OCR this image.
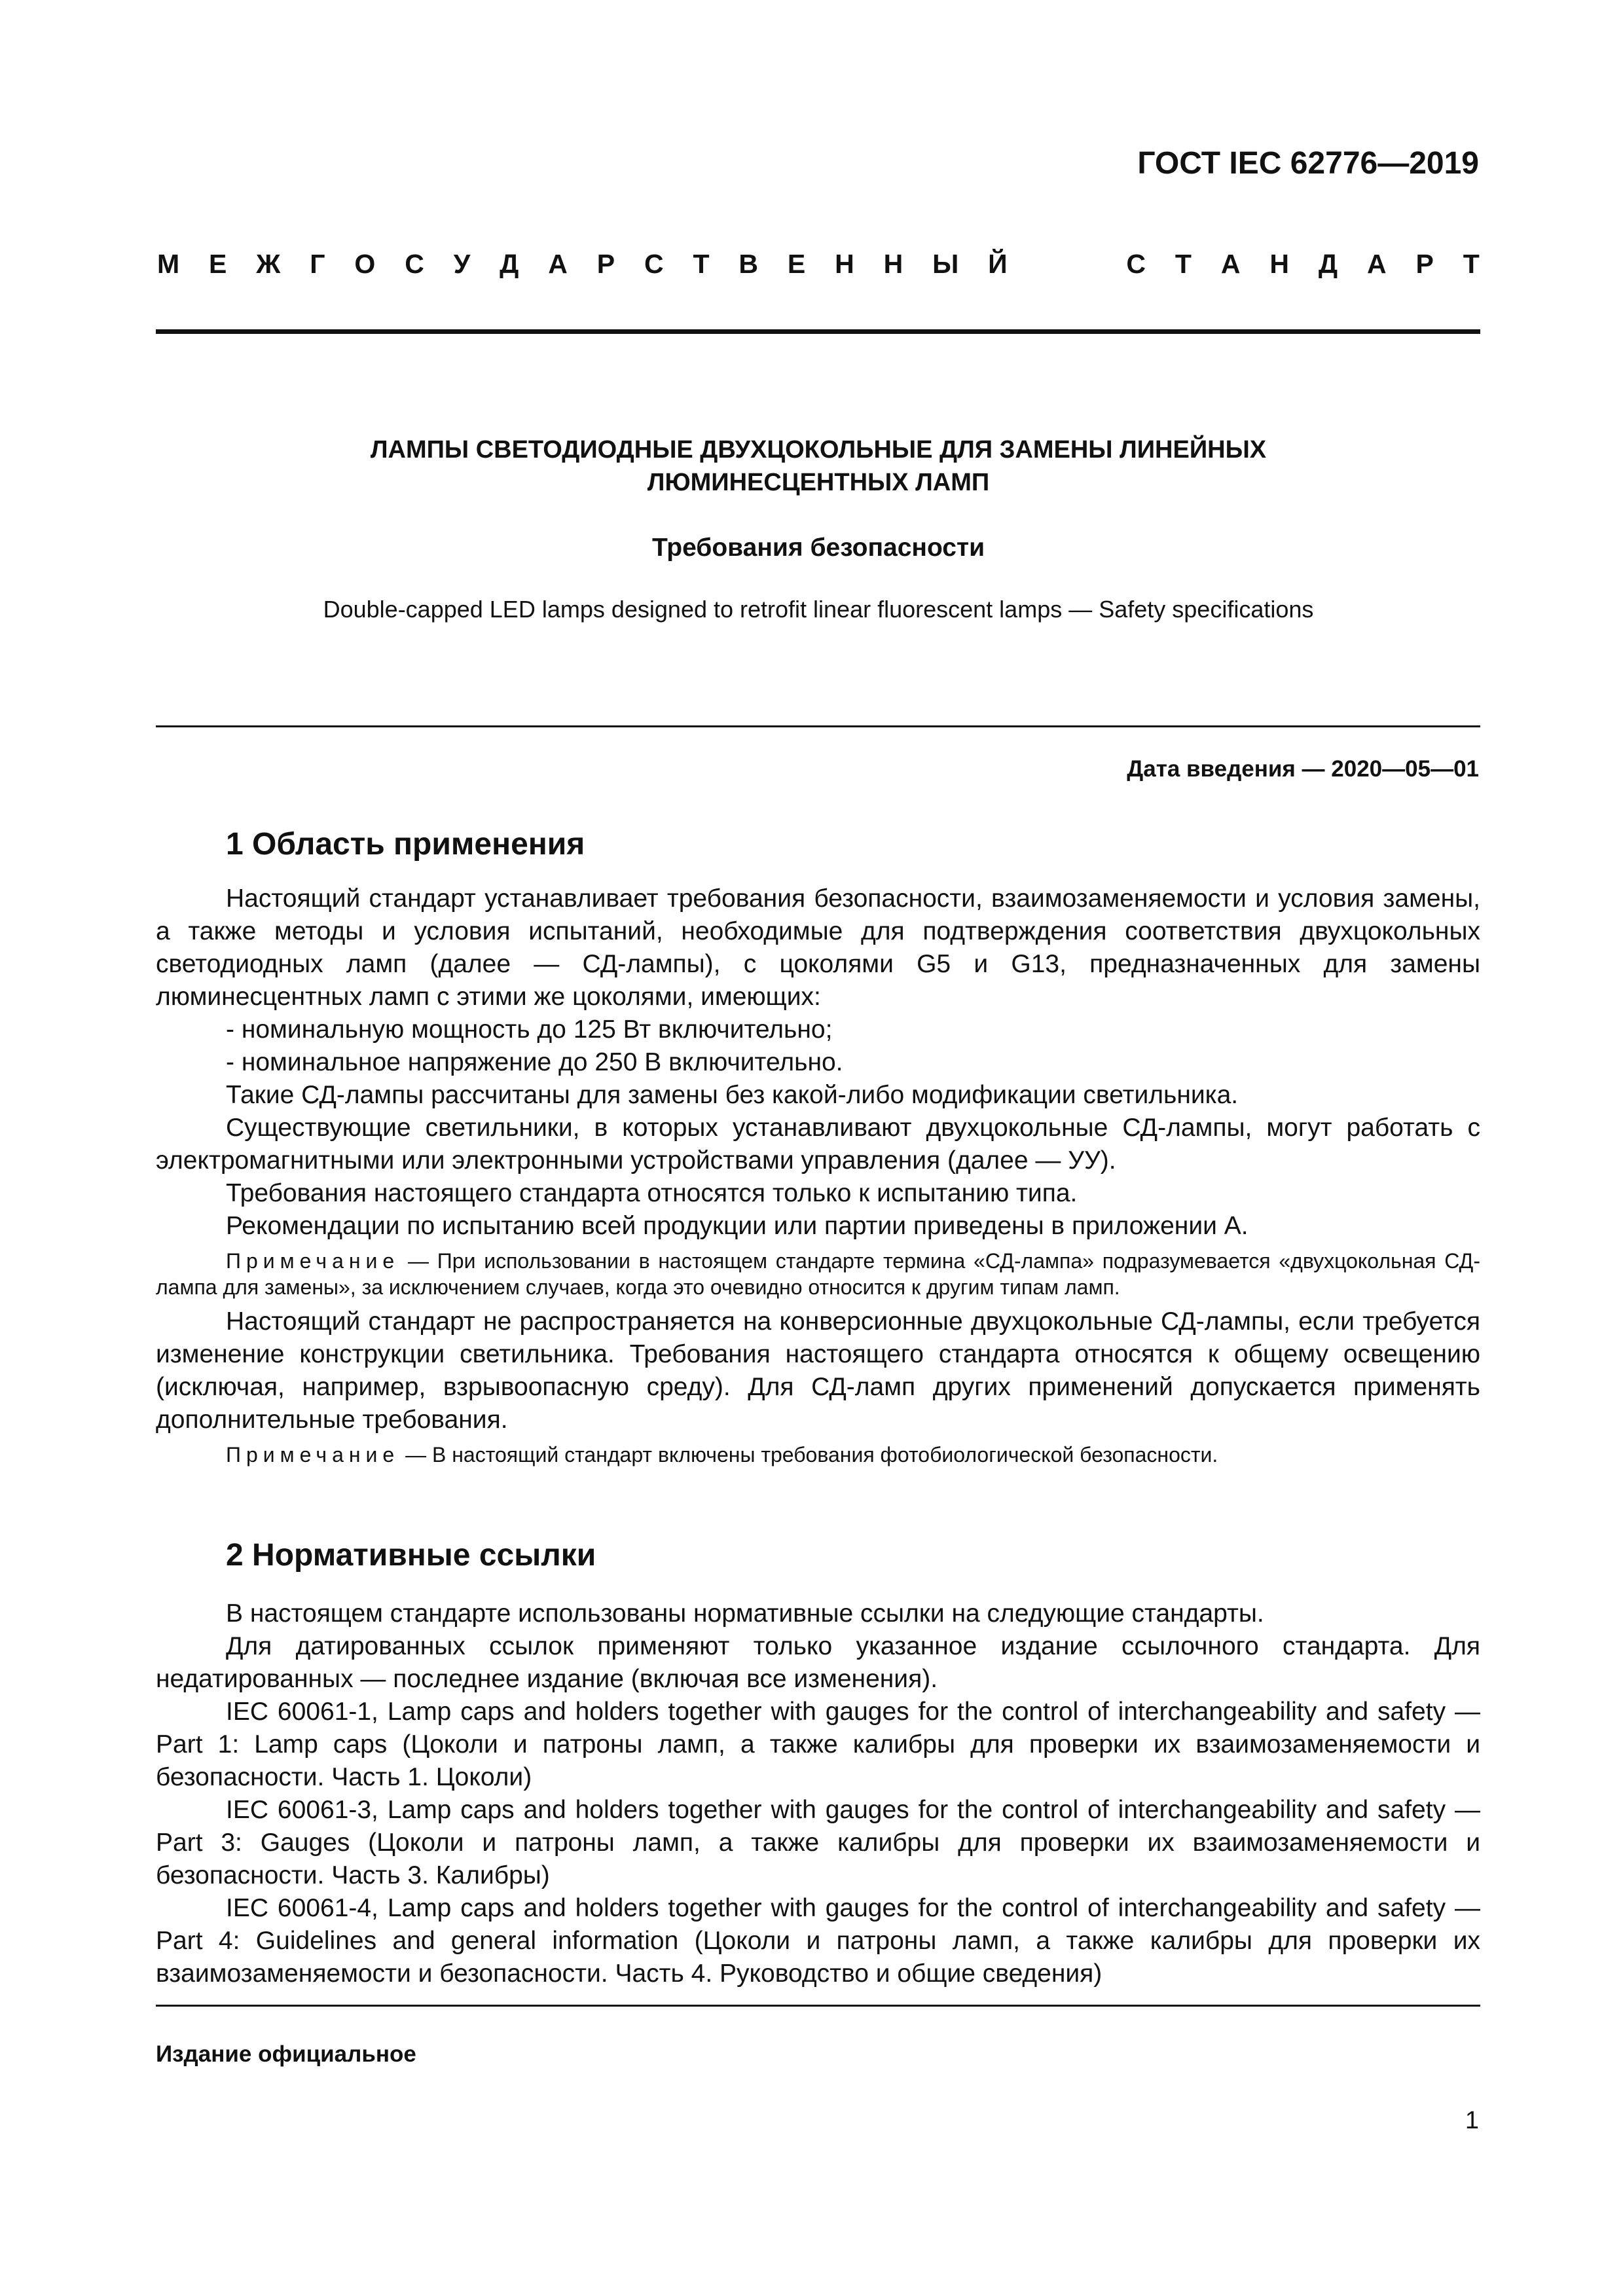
ГОСТ IEC 62776—2019
М Е Ж Г О С У Д А Р С Т В Е Н Н Ы Й	С Т А Н Д А Р Т
ЛАМПЫ СВЕТОДИОДНЫЕ ДВУХЦОКОЛЬНЫЕ ДЛЯ ЗАМЕНЫ ЛИНЕЙНЫХ
ЛЮМИНЕСЦЕНТНЫХ ЛАМП
Требования безопасности
Double-capped LED lamps designed to retrofit linear fluorescent lamps — Safety specifications
Дата введения — 2020—05—01
1 Область применения

Настоящий стандарт устанавливает требования безопасности, взаимозаменяемости и условия замены, а также методы и условия испытаний, необходимые для подтверждения соответствия двухцокольных светодиодных ламп (далее — СД-лампы), с цоколями G5 и G13, предназначенных для замены люминесцентных ламп с этими же цоколями, имеющих:

- номинальную мощность до 125 Вт включительно;

- номинальное напряжение до 250 В включительно.

Такие СД-лампы рассчитаны для замены без какой-либо модификации светильника.

Существующие светильники, в которых устанавливают двухцокольные СД-лампы, могут работать с электромагнитными или электронными устройствами управления (далее — УУ).

Требования настоящего стандарта относятся только к испытанию типа.

Рекомендации по испытанию всей продукции или партии приведены в приложении А.

Примечание — При использовании в настоящем стандарте термина «СД-лампа» подразумевается «двухцокольная СД-лампа для замены», за исключением случаев, когда это очевидно относится к другим типам ламп.

Настоящий стандарт не распространяется на конверсионные двухцокольные СД-лампы, если требуется изменение конструкции светильника. Требования настоящего стандарта относятся к общему освещению (исключая, например, взрывоопасную среду). Для СД-ламп других применений допускается применять дополнительные требования.

Примечание — В настоящий стандарт включены требования фотобиологической безопасности.

2 Нормативные ссылки

В настоящем стандарте использованы нормативные ссылки на следующие стандарты.

Для датированных ссылок применяют только указанное издание ссылочного стандарта. Для недатированных — последнее издание (включая все изменения).

IEC 60061-1, Lamp caps and holders together with gauges for the control of interchangeability and safety — Part 1: Lamp caps (Цоколи и патроны ламп, а также калибры для проверки их взаимозаменяемости и безопасности. Часть 1. Цоколи)

IEC 60061-3, Lamp caps and holders together with gauges for the control of interchangeability and safety — Part 3: Gauges (Цоколи и патроны ламп, а также калибры для проверки их взаимозаменяемости и безопасности. Часть 3. Калибры)

IEC 60061-4, Lamp caps and holders together with gauges for the control of interchangeability and safety — Part 4: Guidelines and general information (Цоколи и патроны ламп, а также калибры для проверки их взаимозаменяемости и безопасности. Часть 4. Руководство и общие сведения)

Издание официальное
1
